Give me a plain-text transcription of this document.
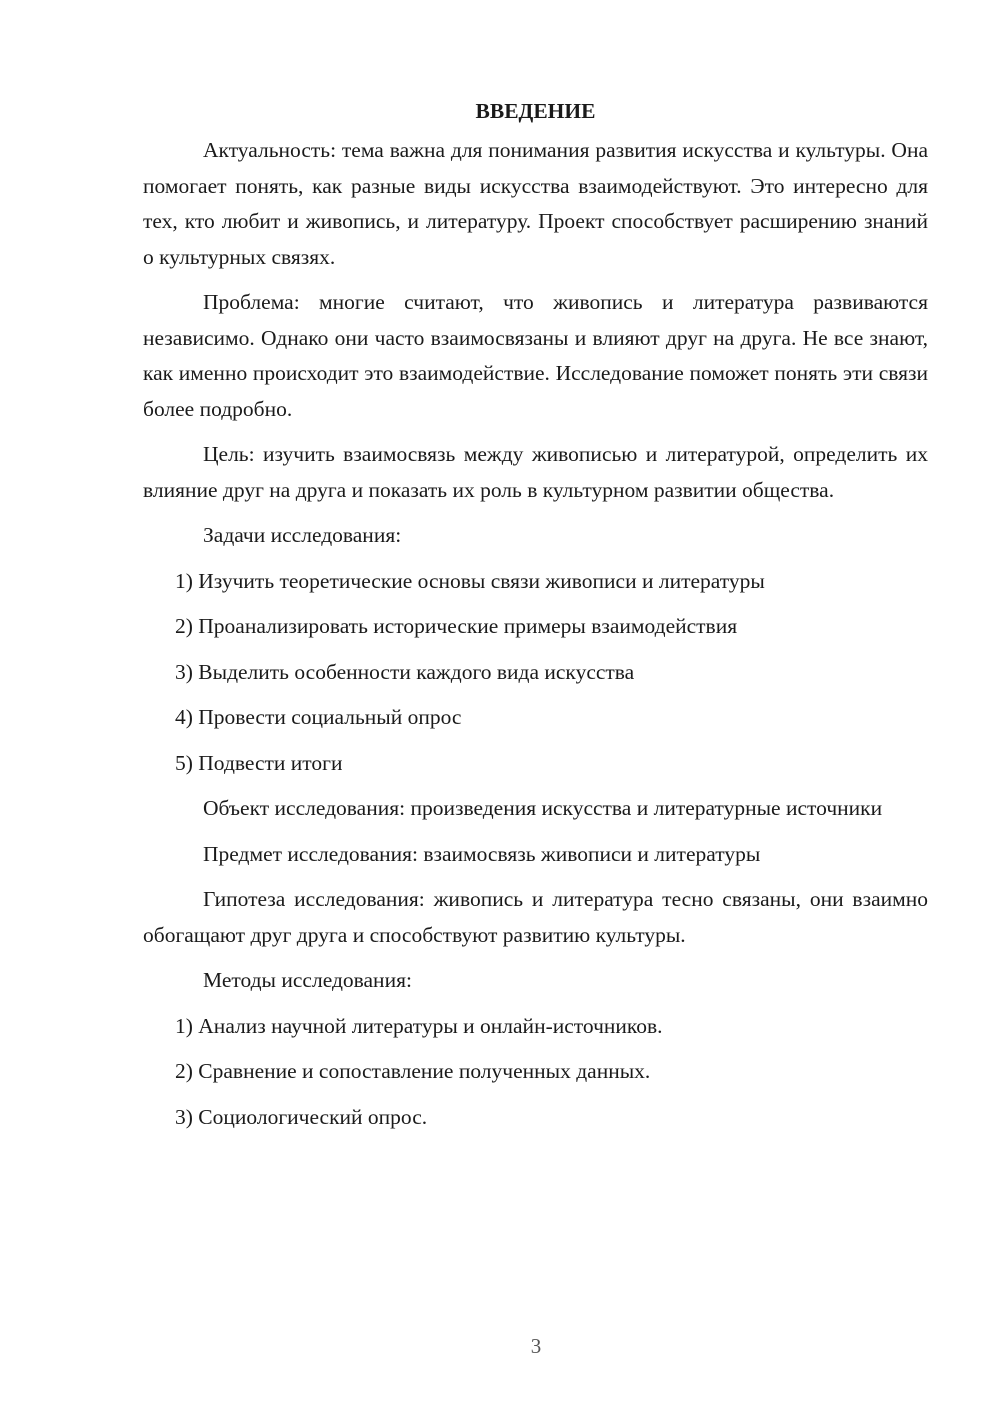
ВВЕДЕНИЕ

Актуальность: тема важна для понимания развития искусства и культуры. Она помогает понять, как разные виды искусства взаимодействуют. Это интересно для тех, кто любит и живопись, и литературу. Проект способствует расширению знаний о культурных связях.

Проблема: многие считают, что живопись и литература развиваются независимо. Однако они часто взаимосвязаны и влияют друг на друга. Не все знают, как именно происходит это взаимодействие. Исследование поможет понять эти связи более подробно.

Цель: изучить взаимосвязь между живописью и литературой, определить их влияние друг на друга и показать их роль в культурном развитии общества.

Задачи исследования:
1) Изучить теоретические основы связи живописи и литературы
2) Проанализировать исторические примеры взаимодействия
3) Выделить особенности каждого вида искусства
4) Провести социальный опрос
5) Подвести итоги

Объект исследования: произведения искусства и литературные источники

Предмет исследования: взаимосвязь живописи и литературы

Гипотеза исследования: живопись и литература тесно связаны, они взаимно обогащают друг друга и способствуют развитию культуры.

Методы исследования:
1) Анализ научной литературы и онлайн-источников.
2) Сравнение и сопоставление полученных данных.
3) Социологический опрос.
3
